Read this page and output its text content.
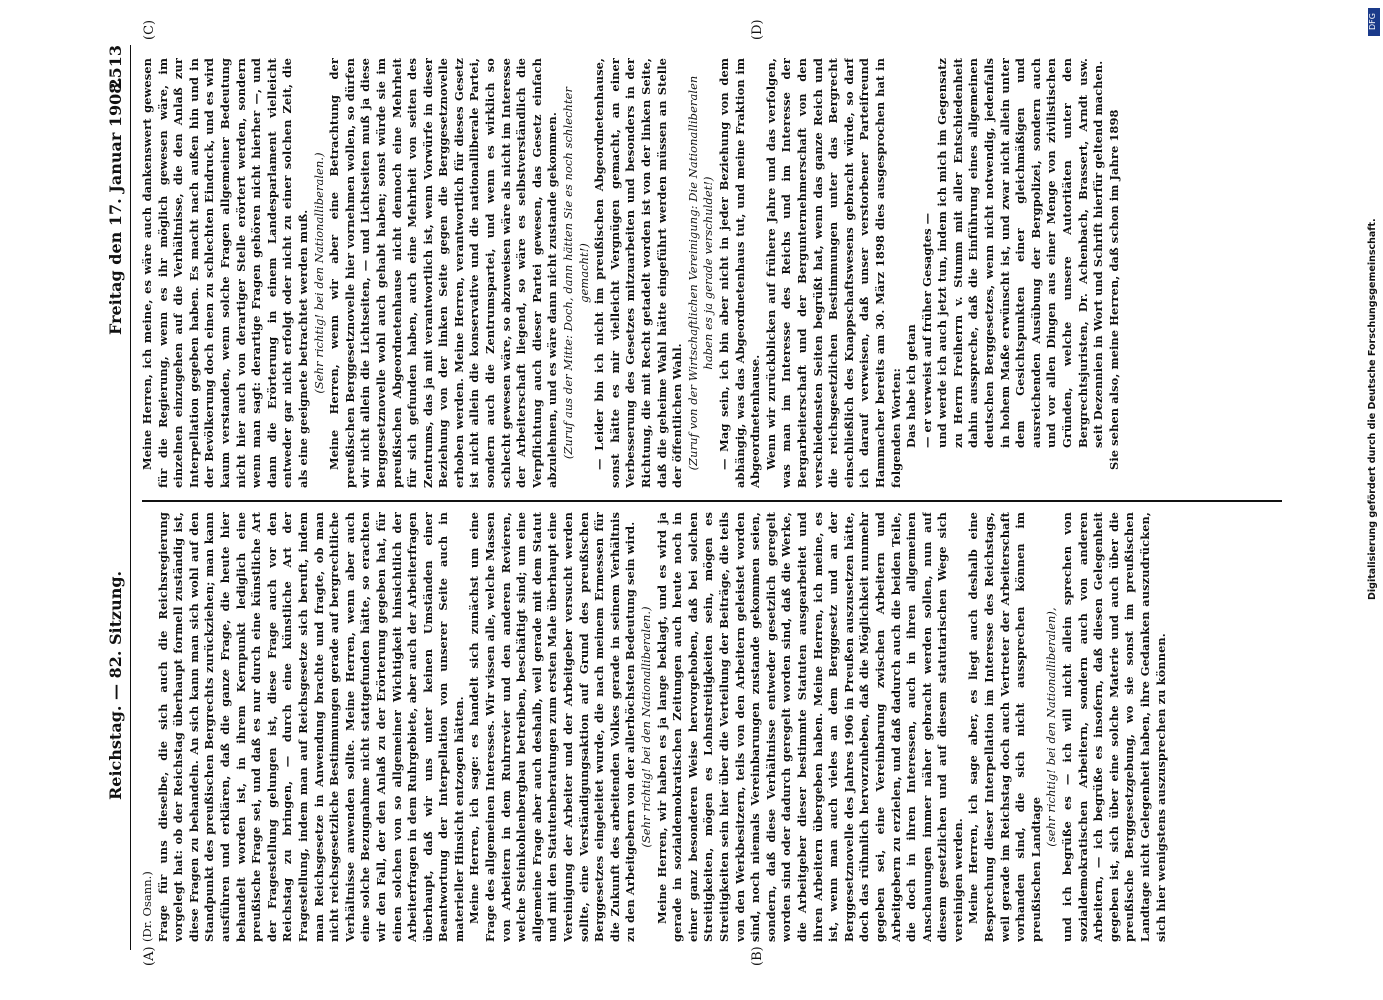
Reichstag. — 82. Sitzung.
Freitag den 17. Januar 1908.
2513
(A)	(B)
(C)	(D)

(Dr. Osann.) Frage für uns dieselbe, die sich auch die Reichsregierung vorgelegt hat: ob der Reichstag überhaupt formell zuständig ist, diese Fragen zu behandeln. An sich kann man sich wohl auf den Standpunkt des preußischen Bergrechts zurückziehen; man kann ausführen und erklären, daß die ganze Frage, die heute hier behandelt worden ist, in ihrem Kernpunkt lediglich eine preußische Frage sei, und daß es nur durch eine künstliche Art der Fragestellung gelungen ist, diese Frage auch vor den Reichstag zu bringen, — durch eine künstliche Art der Fragestellung, indem man auf Reichsgesetze sich beruft, indem man Reichsgesetze in Anwendung brachte und fragte, ob man nicht reichsgesetzliche Bestimmungen gerade auf bergrechtliche Verhältnisse anwenden sollte. Meine Herren, wenn aber auch eine solche Bezugnahme nicht stattgefunden hätte, so erachten wir den Fall, der den Anlaß zu der Erörterung gegeben hat, für einen solchen von so allgemeiner Wichtigkeit hinsichtlich der Arbeiterfragen in dem Ruhrgebiete, aber auch der Arbeiterfragen überhaupt, daß wir uns unter keinen Umständen einer Beantwortung der Interpellation von unserer Seite auch in materieller Hinsicht entzogen hätten. Meine Herren, ich sage: es handelt sich zunächst um eine Frage des allgemeinen Interesses. Wir wissen alle, welche Massen von Arbeitern in dem Ruhrrevier und den anderen Revieren, welche Steinkohlenbergbau betreiben, beschäftigt sind; um eine allgemeine Frage aber auch deshalb, weil gerade mit dem Statut und mit den Statutenberatungen zum ersten Male überhaupt eine Vereinigung der Arbeiter und der Arbeitgeber versucht werden sollte, eine Verständigungsaktion auf Grund des preußischen Berggesetzes eingeleitet wurde, die nach meinem Ermessen für die Zukunft des arbeitenden Volkes gerade in seinem Verhältnis zu den Arbeitgebern von der allerhöchsten Bedeutung sein wird. (Sehr richtig! bei den Nationalliberalen.) Meine Herren, wir haben es ja lange beklagt, und es wird ja gerade in sozialdemokratischen Zeitungen auch heute noch in einer ganz besonderen Weise hervorgehoben, daß bei solchen Streitigkeiten, mögen es Lohnstreitigkeiten sein, mögen es Streitigkeiten sein hier über die Verteilung der Beiträge, die teils von den Werkbesitzern, teils von den Arbeitern geleistet worden sind, noch niemals Vereinbarungen zustande gekommen seien, sondern, daß diese Verhältnisse entweder gesetzlich geregelt worden sind oder dadurch geregelt worden sind, daß die Werke, die Arbeitgeber dieser bestimmte Statuten ausgearbeitet und ihren Arbeitern übergeben haben. Meine Herren, ich meine, es ist, wenn man auch vieles an dem Berggesetz und an der Berggesetznovelle des Jahres 1906 in Preußen auszusetzen hätte, doch das rühmlich hervorzuheben, daß die Möglichkeit nunmehr gegeben sei, eine Vereinbarung zwischen Arbeitern und Arbeitgebern zu erzielen, und daß dadurch auch die beiden Teile, die doch in ihren Interessen, auch in ihren allgemeinen Anschauungen immer näher gebracht werden sollen, nun auf diesem gesetzlichen und auf diesem statutarischen Wege sich vereinigen werden. Meine Herren, ich sage aber, es liegt auch deshalb eine Besprechung dieser Interpellation im Interesse des Reichstags, weil gerade im Reichstag doch auch Vertreter der Arbeiterschaft vorhanden sind, die sich nicht aussprechen können im preußischen Landtage

(sehr richtig! bei den Nationalliberalen), und ich begrüße es — ich will nicht allein sprechen von sozialdemokratischen Arbeitern, sondern auch von anderen Arbeitern, — ich begrüße es insofern, daß diesen Gelegenheit gegeben ist, sich über eine solche Materie und auch über die preußische Berggesetzgebung, wo sie sonst im preußischen Landtage nicht Gelegenheit haben, ihre Gedanken auszudrücken, sich hier wenigstens auszusprechen zu können.

Meine Herren, ich meine, es wäre auch dankenswert gewesen für die Regierung, wenn es ihr möglich gewesen wäre, im einzelnen einzugehen auf die Verhältnisse, die den Anlaß zur Interpellation gegeben haben. Es macht nach außen hin und in der Bevölkerung doch einen zu schlechten Eindruck, und es wird kaum verstanden, wenn solche Fragen allgemeiner Bedeutung nicht hier auch von derartiger Stelle erörtert werden, sondern wenn man sagt: derartige Fragen gehören nicht hierher —, und dann die Erörterung in einem Landesparlament vielleicht entweder gar nicht erfolgt oder nicht zu einer solchen Zeit, die als eine geeignete betrachtet werden muß. (Sehr richtig! bei den Nationalliberalen.) Meine Herren, wenn wir aber eine Betrachtung der preußischen Berggesetznovelle hier vornehmen wollen, so dürfen wir nicht allein die Lichtseiten, — und Lichtseiten muß ja diese Berggesetznovelle wohl auch gehabt haben; sonst würde sie im preußischen Abgeordnetenhause nicht dennoch eine Mehrheit für sich gefunden haben, auch eine Mehrheit von seiten des Zentrums, das ja mit verantwortlich ist, wenn Vorwürfe in dieser Beziehung von der linken Seite gegen die Berggesetznovelle erhoben werden. Meine Herren, verantwortlich für dieses Gesetz ist nicht allein die konservative und die nationalliberale Partei, sondern auch die Zentrumspartei, und wenn es wirklich so schlecht gewesen wäre, so abzuweisen wäre als nicht im Interesse der Arbeiterschaft liegend, so wäre es selbstverständlich die Verpflichtung auch dieser Partei gewesen, das Gesetz einfach abzulehnen, und es wäre dann nicht zustande gekommen. (Zuruf aus der Mitte: Doch, dann hätten Sie es noch schlechter gemacht!) — Leider bin ich nicht im preußischen Abgeordnetenhause, sonst hätte es mir vielleicht Vergnügen gemacht, an einer Verbesserung des Gesetzes mitzuarbeiten und besonders in der Richtung, die mit Recht getadelt worden ist von der linken Seite, daß die geheime Wahl hätte eingeführt werden müssen an Stelle der öffentlichen Wahl. (Zuruf von der Wirtschaftlichen Vereinigung: Die Nationalliberalen haben es ja gerade verschuldet!) — Mag sein, ich bin aber nicht in jeder Beziehung von dem abhängig, was das Abgeordnetenhaus tut, und meine Fraktion im Abgeordnetenhause. Wenn wir zurückblicken auf frühere Jahre und das verfolgen, was man im Interesse des Reichs und im Interesse der Bergarbeiterschaft und der Bergunternehmerschaft von den verschiedensten Seiten begrüßt hat, wenn das ganze Reich und die reichsgesetzlichen Bestimmungen unter das Bergrecht einschließlich des Knappschaftswesens gebracht würde, so darf ich darauf verweisen, daß unser verstorbener Parteifreund Hammacher bereits am 30. März 1898 dies ausgesprochen hat in folgenden Worten: Das habe ich getan — er verweist auf früher Gesagtes — und werde ich auch jetzt tun, indem ich mich im Gegensatz zu Herrn Freiherrn v. Stumm mit aller Entschiedenheit dahin ausspreche, daß die Einführung eines allgemeinen deutschen Berggesetzes, wenn nicht notwendig, jedenfalls in hohem Maße erwünscht ist, und zwar nicht allein unter dem Gesichtspunkten einer gleichmäßigen und ausreichenden Ausübung der Bergpolizei, sondern auch und vor allen Dingen aus einer Menge von zivilistischen Gründen, welche unsere Autoritäten unter den Bergrechtsjuristen, Dr. Achenbach, Brassert, Arndt usw. seit Dezennien in Wort und Schrift hierfür geltend machen. Sie sehen also, meine Herren, daß schon im Jahre 1898

DFG
Digitalisierung gefördert durch die Deutsche Forschungsgemeinschaft.
